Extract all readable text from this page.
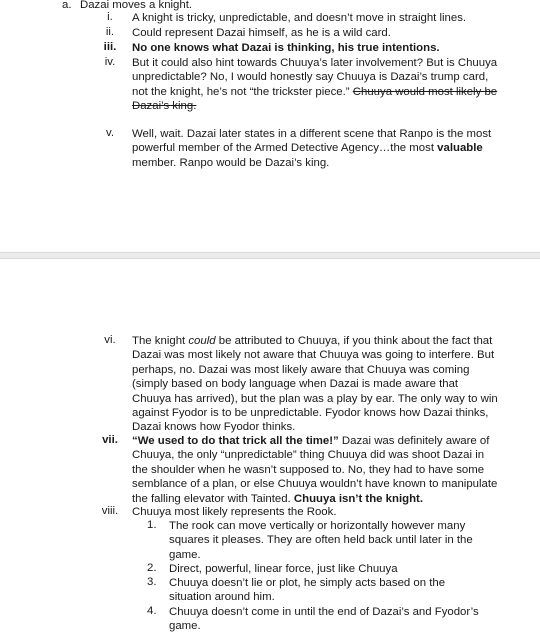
a. Dazai moves a knight.
i.	A knight is tricky, unpredictable, and doesn’t move in straight lines.
ii.	Could represent Dazai himself, as he is a wild card.
iii.	No one knows what Dazai is thinking, his true intentions.
iv.	But it could also hint towards Chuuya’s later involvement? But is Chuuya unpredictable? No, I would honestly say Chuuya is Dazai’s trump card, not the knight, he’s not “the trickster piece.” Chuuya would most likely be Dazai’s king.
v.	Well, wait. Dazai later states in a different scene that Ranpo is the most powerful member of the Armed Detective Agency…the most valuable member. Ranpo would be Dazai’s king.
vi.	The knight could be attributed to Chuuya, if you think about the fact that Dazai was most likely not aware that Chuuya was going to interfere. But perhaps, no. Dazai was most likely aware that Chuuya was coming (simply based on body language when Dazai is made aware that Chuuya has arrived), but the plan was a play by ear. The only way to win against Fyodor is to be unpredictable. Fyodor knows how Dazai thinks, Dazai knows how Fyodor thinks.
vii. “We used to do that trick all the time!” Dazai was definitely aware of Chuuya, the only “unpredictable” thing Chuuya did was shoot Dazai in the shoulder when he wasn’t supposed to. No, they had to have some semblance of a plan, or else Chuuya wouldn’t have known to manipulate the falling elevator with Tainted. Chuuya isn’t the knight.
viii. Chuuya most likely represents the Rook.
1.	The rook can move vertically or horizontally however many squares it pleases. They are often held back until later in the game.
2.	Direct, powerful, linear force, just like Chuuya
3.	Chuuya doesn’t lie or plot, he simply acts based on the situation around him.
4.	Chuuya doesn’t come in until the end of Dazai’s and Fyodor’s game.
